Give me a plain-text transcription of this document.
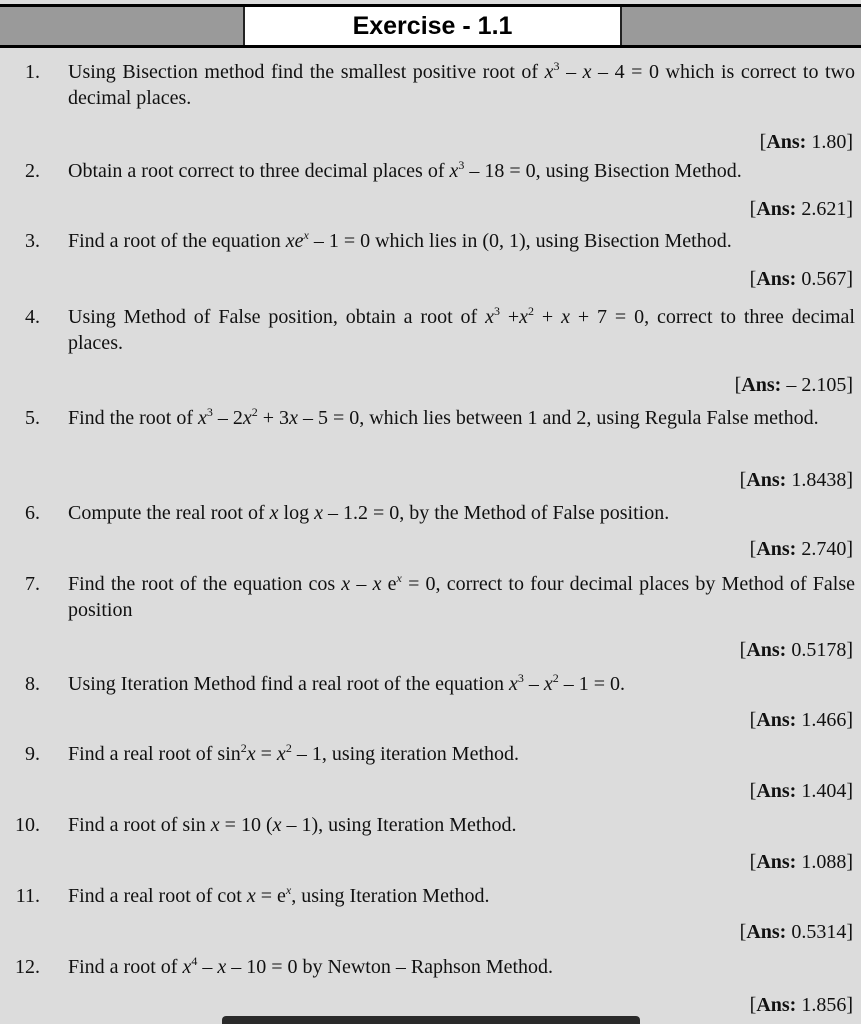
Exercise - 1.1
1. Using Bisection method find the smallest positive root of $x^3 - x - 4 = 0$ which is correct to two decimal places.
[Ans: 1.80]
2. Obtain a root correct to three decimal places of $x^3 - 18 = 0$, using Bisection Method.
[Ans: 2.621]
3. Find a root of the equation $xe^x - 1 = 0$ which lies in (0, 1), using Bisection Method.
[Ans: 0.567]
4. Using Method of False position, obtain a root of $x^3 +x^2 + x + 7 = 0$, correct to three decimal places.
[Ans: – 2.105]
5. Find the root of $x^3 - 2x^2 + 3x - 5 = 0$, which lies between 1 and 2, using Regula False method.
[Ans: 1.8438]
6. Compute the real root of x log x – 1.2 = 0, by the Method of False position.
[Ans: 2.740]
7. Find the root of the equation cos x – x $e^x = 0$, correct to four decimal places by Method of False position
[Ans: 0.5178]
8. Using Iteration Method find a real root of the equation $x^3 - x^2 - 1 = 0$.
[Ans: 1.466]
9. Find a real root of $\sin^2x = x^2 - 1$, using iteration Method.
[Ans: 1.404]
10. Find a root of sin x = 10 (x – 1), using Iteration Method.
[Ans: 1.088]
11. Find a real root of $\cot x = e^x$, using Iteration Method.
[Ans: 0.5314]
12. Find a root of $x^4 - x - 10 = 0$ by Newton – Raphson Method.
[Ans: 1.856]
